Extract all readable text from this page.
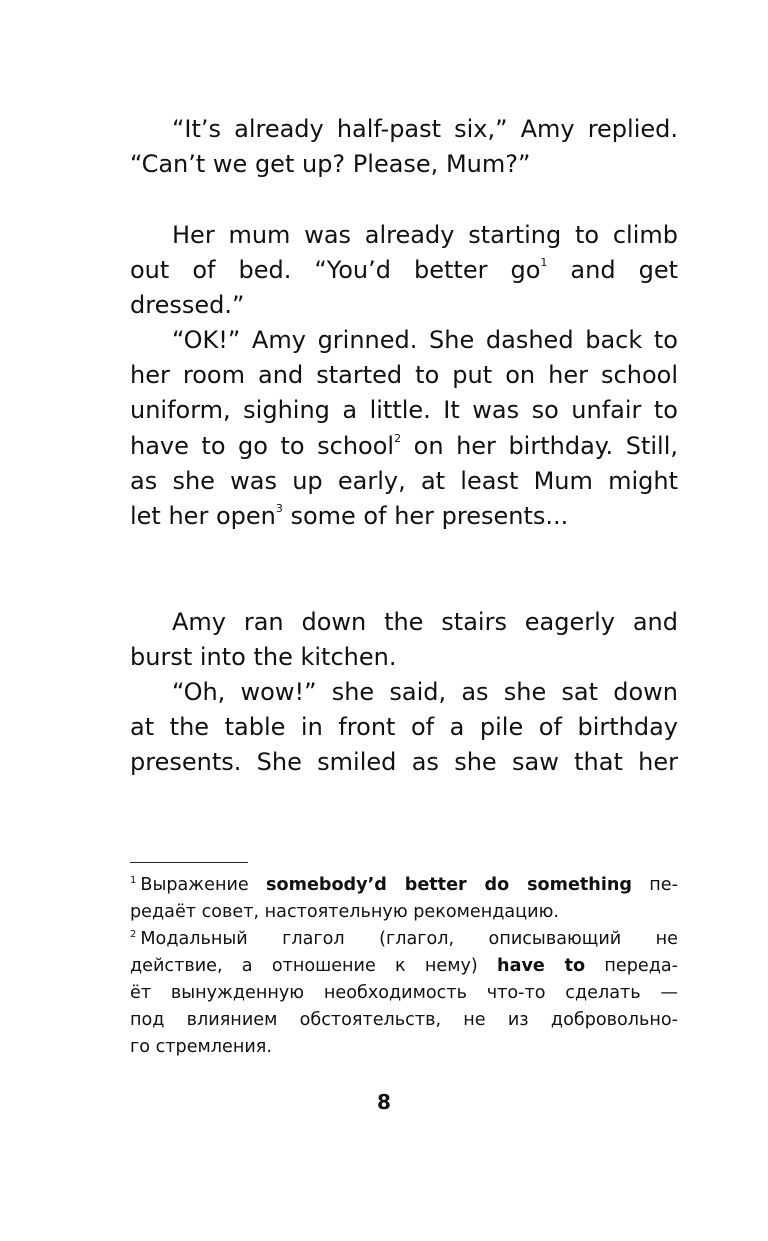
“It’s already half-past six,” Amy replied.
“Can’t we get up? Please, Mum?”
Her mum was already starting to climb
out of bed. “You’d better $go^1$ and get
dressed.”
“OK!” Amy grinned. She dashed back to
her room and started to put on her school
uniform, sighing a little. It was so unfair to
have to go to school$^2$ on her birthday. Still,
as she was up early, at least Mum might
let her open$^3$ some of her presents...
Amy ran down the stairs eagerly and
burst into the kitchen.
“Oh, wow!” she said, as she sat down
at the table in front of a pile of birthday
presents. She smiled as she saw that her
$^1$ Выражение somebody’d better do something пе-
редаёт совет, настоятельную рекомендацию.
$^2$ Модальный глагол (глагол, описывающий не
действие, а отношение к нему) have to переда-
ёт вынужденную необходимость что-то сделать —
под влиянием обстоятельств, не из добровольно-
го стремления.
8
